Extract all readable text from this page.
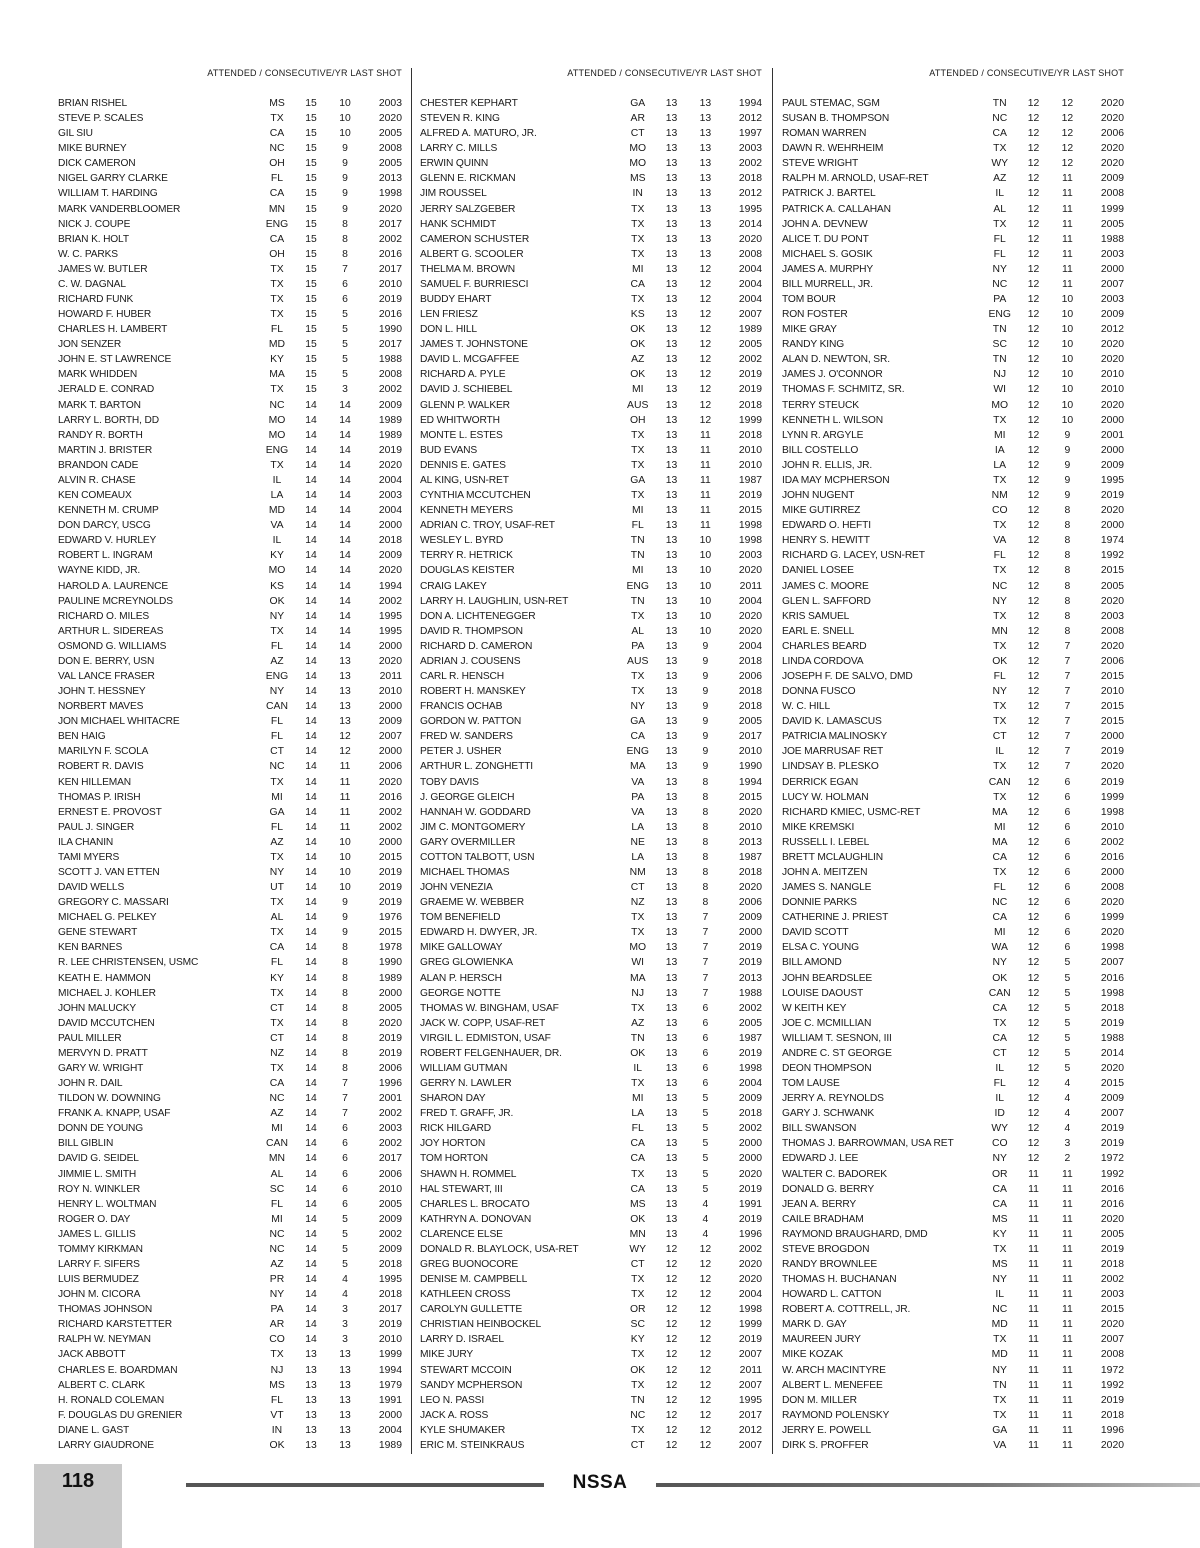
ATTENDED / CONSECUTIVE/YR LAST SHOT
BRIAN RISHEL	MS	15	10	2003
STEVE P. SCALES	TX	15	10	2020
GIL SIU	CA	15	10	2005
MIKE BURNEY	NC	15	9	2008
DICK CAMERON	OH	15	9	2005
NIGEL GARRY CLARKE	FL	15	9	2013
WILLIAM T. HARDING	CA	15	9	1998
MARK VANDERBLOOMER	MN	15	9	2020
NICK J. COUPE	ENG	15	8	2017
BRIAN K. HOLT	CA	15	8	2002
W. C. PARKS	OH	15	8	2016
JAMES W. BUTLER	TX	15	7	2017
C. W. DAGNAL	TX	15	6	2010
RICHARD FUNK	TX	15	6	2019
HOWARD F. HUBER	TX	15	5	2016
CHARLES H. LAMBERT	FL	15	5	1990
JON SENZER	MD	15	5	2017
JOHN E. ST LAWRENCE	KY	15	5	1988
MARK WHIDDEN	MA	15	5	2008
JERALD E. CONRAD	TX	15	3	2002
MARK T. BARTON	NC	14	14	2009
LARRY L. BORTH, DD	MO	14	14	1989
RANDY R. BORTH	MO	14	14	1989
MARTIN J. BRISTER	ENG	14	14	2019
BRANDON CADE	TX	14	14	2020
ALVIN R. CHASE	IL	14	14	2004
KEN COMEAUX	LA	14	14	2003
KENNETH M. CRUMP	MD	14	14	2004
DON DARCY, USCG	VA	14	14	2000
EDWARD V. HURLEY	IL	14	14	2018
ROBERT L. INGRAM	KY	14	14	2009
WAYNE KIDD, JR.	MO	14	14	2020
HAROLD A. LAURENCE	KS	14	14	1994
PAULINE MCREYNOLDS	OK	14	14	2002
RICHARD O. MILES	NY	14	14	1995
ARTHUR L. SIDEREAS	TX	14	14	1995
OSMOND G. WILLIAMS	FL	14	14	2000
DON E. BERRY, USN	AZ	14	13	2020
VAL LANCE FRASER	ENG	14	13	2011
JOHN T. HESSNEY	NY	14	13	2010
NORBERT MAVES	CAN	14	13	2000
JON MICHAEL WHITACRE	FL	14	13	2009
BEN HAIG	FL	14	12	2007
MARILYN F. SCOLA	CT	14	12	2000
ROBERT R. DAVIS	NC	14	11	2006
KEN HILLEMAN	TX	14	11	2020
THOMAS P. IRISH	MI	14	11	2016
ERNEST E. PROVOST	GA	14	11	2002
PAUL J. SINGER	FL	14	11	2002
ILA CHANIN	AZ	14	10	2000
TAMI MYERS	TX	14	10	2015
SCOTT J. VAN ETTEN	NY	14	10	2019
DAVID WELLS	UT	14	10	2019
GREGORY C. MASSARI	TX	14	9	2019
MICHAEL G. PELKEY	AL	14	9	1976
GENE STEWART	TX	14	9	2015
KEN BARNES	CA	14	8	1978
R. LEE CHRISTENSEN, USMC	FL	14	8	1990
KEATH E. HAMMON	KY	14	8	1989
MICHAEL J. KOHLER	TX	14	8	2000
JOHN MALUCKY	CT	14	8	2005
DAVID MCCUTCHEN	TX	14	8	2020
PAUL MILLER	CT	14	8	2019
MERVYN D. PRATT	NZ	14	8	2019
GARY W. WRIGHT	TX	14	8	2006
JOHN R. DAIL	CA	14	7	1996
TILDON W. DOWNING	NC	14	7	2001
FRANK A. KNAPP, USAF	AZ	14	7	2002
DONN DE YOUNG	MI	14	6	2003
BILL GIBLIN	CAN	14	6	2002
DAVID G. SEIDEL	MN	14	6	2017
JIMMIE L. SMITH	AL	14	6	2006
ROY N. WINKLER	SC	14	6	2010
HENRY L. WOLTMAN	FL	14	6	2005
ROGER O. DAY	MI	14	5	2009
JAMES L. GILLIS	NC	14	5	2002
TOMMY KIRKMAN	NC	14	5	2009
LARRY F. SIFERS	AZ	14	5	2018
LUIS BERMUDEZ	PR	14	4	1995
JOHN M. CICORA	NY	14	4	2018
THOMAS JOHNSON	PA	14	3	2017
RICHARD KARSTETTER	AR	14	3	2019
RALPH W. NEYMAN	CO	14	3	2010
JACK ABBOTT	TX	13	13	1999
CHARLES E. BOARDMAN	NJ	13	13	1994
ALBERT C. CLARK	MS	13	13	1979
H. RONALD COLEMAN	FL	13	13	1991
F. DOUGLAS DU GRENIER	VT	13	13	2000
DIANE L. GAST	IN	13	13	2004
LARRY GIAUDRONE	OK	13	13	1989
ATTENDED / CONSECUTIVE/YR LAST SHOT
CHESTER KEPHART	GA	13	13	1994
STEVEN R. KING	AR	13	13	2012
ALFRED A. MATURO, JR.	CT	13	13	1997
LARRY C. MILLS	MO	13	13	2003
ERWIN QUINN	MO	13	13	2002
GLENN E. RICKMAN	MS	13	13	2018
JIM ROUSSEL	IN	13	13	2012
JERRY SALZGEBER	TX	13	13	1995
HANK SCHMIDT	TX	13	13	2014
CAMERON SCHUSTER	TX	13	13	2020
ALBERT G. SCOOLER	TX	13	13	2008
THELMA M. BROWN	MI	13	12	2004
SAMUEL F. BURRIESCI	CA	13	12	2004
BUDDY EHART	TX	13	12	2004
LEN FRIESZ	KS	13	12	2007
DON L. HILL	OK	13	12	1989
JAMES T. JOHNSTONE	OK	13	12	2005
DAVID L. MCGAFFEE	AZ	13	12	2002
RICHARD A. PYLE	OK	13	12	2019
DAVID J. SCHIEBEL	MI	13	12	2019
GLENN P. WALKER	AUS	13	12	2018
ED WHITWORTH	OH	13	12	1999
MONTE L. ESTES	TX	13	11	2018
BUD EVANS	TX	13	11	2010
DENNIS E. GATES	TX	13	11	2010
AL KING, USN-RET	GA	13	11	1987
CYNTHIA MCCUTCHEN	TX	13	11	2019
KENNETH MEYERS	MI	13	11	2015
ADRIAN C. TROY, USAF-RET	FL	13	11	1998
WESLEY L. BYRD	TN	13	10	1998
TERRY R. HETRICK	TN	13	10	2003
DOUGLAS KEISTER	MI	13	10	2020
CRAIG LAKEY	ENG	13	10	2011
LARRY H. LAUGHLIN, USN-RET	TN	13	10	2004
DON A. LICHTENEGGER	TX	13	10	2020
DAVID R. THOMPSON	AL	13	10	2020
RICHARD D. CAMERON	PA	13	9	2004
ADRIAN J. COUSENS	AUS	13	9	2018
CARL R. HENSCH	TX	13	9	2006
ROBERT H. MANSKEY	TX	13	9	2018
FRANCIS OCHAB	NY	13	9	2018
GORDON W. PATTON	GA	13	9	2005
FRED W. SANDERS	CA	13	9	2017
PETER J. USHER	ENG	13	9	2010
ARTHUR L. ZONGHETTI	MA	13	9	1990
TOBY DAVIS	VA	13	8	1994
J. GEORGE GLEICH	PA	13	8	2015
HANNAH W. GODDARD	VA	13	8	2020
JIM C. MONTGOMERY	LA	13	8	2010
GARY OVERMILLER	NE	13	8	2013
COTTON TALBOTT, USN	LA	13	8	1987
MICHAEL THOMAS	NM	13	8	2018
JOHN VENEZIA	CT	13	8	2020
GRAEME W. WEBBER	NZ	13	8	2006
TOM BENEFIELD	TX	13	7	2009
EDWARD H. DWYER, JR.	TX	13	7	2000
MIKE GALLOWAY	MO	13	7	2019
GREG GLOWIENKA	WI	13	7	2019
ALAN P. HERSCH	MA	13	7	2013
GEORGE NOTTE	NJ	13	7	1988
THOMAS W. BINGHAM, USAF	TX	13	6	2002
JACK W. COPP, USAF-RET	AZ	13	6	2005
VIRGIL L. EDMISTON, USAF	TN	13	6	1987
ROBERT FELGENHAUER, DR.	OK	13	6	2019
WILLIAM GUTMAN	IL	13	6	1998
GERRY N. LAWLER	TX	13	6	2004
SHARON DAY	MI	13	5	2009
FRED T. GRAFF, JR.	LA	13	5	2018
RICK HILGARD	FL	13	5	2002
JOY HORTON	CA	13	5	2000
TOM HORTON	CA	13	5	2000
SHAWN H. ROMMEL	TX	13	5	2020
HAL STEWART, III	CA	13	5	2019
CHARLES L. BROCATO	MS	13	4	1991
KATHRYN A. DONOVAN	OK	13	4	2019
CLARENCE ELSE	MN	13	4	1996
DONALD R. BLAYLOCK, USA-RET	WY	12	12	2002
GREG BUONOCORE	CT	12	12	2020
DENISE M. CAMPBELL	TX	12	12	2020
KATHLEEN CROSS	TX	12	12	2004
CAROLYN GULLETTE	OR	12	12	1998
CHRISTIAN HEINBOCKEL	SC	12	12	1999
LARRY D. ISRAEL	KY	12	12	2019
MIKE JURY	TX	12	12	2007
STEWART MCCOIN	OK	12	12	2011
SANDY MCPHERSON	TX	12	12	2007
LEO N. PASSI	TN	12	12	1995
JACK A. ROSS	NC	12	12	2017
KYLE SHUMAKER	TX	12	12	2012
ERIC M. STEINKRAUS	CT	12	12	2007
ATTENDED / CONSECUTIVE/YR LAST SHOT
PAUL STEMAC, SGM	TN	12	12	2020
SUSAN B. THOMPSON	NC	12	12	2020
ROMAN WARREN	CA	12	12	2006
DAWN R. WEHRHEIM	TX	12	12	2020
STEVE WRIGHT	WY	12	12	2020
RALPH M. ARNOLD, USAF-RET	AZ	12	11	2009
PATRICK J. BARTEL	IL	12	11	2008
PATRICK A. CALLAHAN	AL	12	11	1999
JOHN A. DEVNEW	TX	12	11	2005
ALICE T. DU PONT	FL	12	11	1988
MICHAEL S. GOSIK	FL	12	11	2003
JAMES A. MURPHY	NY	12	11	2000
BILL MURRELL, JR.	NC	12	11	2007
TOM BOUR	PA	12	10	2003
RON FOSTER	ENG	12	10	2009
MIKE GRAY	TN	12	10	2012
RANDY KING	SC	12	10	2020
ALAN D. NEWTON, SR.	TN	12	10	2020
JAMES J. O'CONNOR	NJ	12	10	2010
THOMAS F. SCHMITZ, SR.	WI	12	10	2010
TERRY STEUCK	MO	12	10	2020
KENNETH L. WILSON	TX	12	10	2000
LYNN R. ARGYLE	MI	12	9	2001
BILL COSTELLO	IA	12	9	2000
JOHN R. ELLIS, JR.	LA	12	9	2009
IDA MAY MCPHERSON	TX	12	9	1995
JOHN NUGENT	NM	12	9	2019
MIKE GUTIRREZ	CO	12	8	2020
EDWARD O. HEFTI	TX	12	8	2000
HENRY S. HEWITT	VA	12	8	1974
RICHARD G. LACEY, USN-RET	FL	12	8	1992
DANIEL LOSEE	TX	12	8	2015
JAMES C. MOORE	NC	12	8	2005
GLEN L. SAFFORD	NY	12	8	2020
KRIS SAMUEL	TX	12	8	2003
EARL E. SNELL	MN	12	8	2008
CHARLES BEARD	TX	12	7	2020
LINDA CORDOVA	OK	12	7	2006
JOSEPH F. DE SALVO, DMD	FL	12	7	2015
DONNA FUSCO	NY	12	7	2010
W. C. HILL	TX	12	7	2015
DAVID K. LAMASCUS	TX	12	7	2015
PATRICIA MALINOSKY	CT	12	7	2000
JOE MARRUSAF RET	IL	12	7	2019
LINDSAY B. PLESKO	TX	12	7	2020
DERRICK EGAN	CAN	12	6	2019
LUCY W. HOLMAN	TX	12	6	1999
RICHARD KMIEC, USMC-RET	MA	12	6	1998
MIKE KREMSKI	MI	12	6	2010
RUSSELL I. LEBEL	MA	12	6	2002
BRETT MCLAUGHLIN	CA	12	6	2016
JOHN A. MEITZEN	TX	12	6	2000
JAMES S. NANGLE	FL	12	6	2008
DONNIE PARKS	NC	12	6	2020
CATHERINE J. PRIEST	CA	12	6	1999
DAVID SCOTT	MI	12	6	2020
ELSA C. YOUNG	WA	12	6	1998
BILL AMOND	NY	12	5	2007
JOHN BEARDSLEE	OK	12	5	2016
LOUISE DAOUST	CAN	12	5	1998
W KEITH KEY	CA	12	5	2018
JOE C. MCMILLIAN	TX	12	5	2019
WILLIAM T. SESNON, III	CA	12	5	1988
ANDRE C. ST GEORGE	CT	12	5	2014
DEON THOMPSON	IL	12	5	2020
TOM LAUSE	FL	12	4	2015
JERRY A. REYNOLDS	IL	12	4	2009
GARY J. SCHWANK	ID	12	4	2007
BILL SWANSON	WY	12	4	2019
THOMAS J. BARROWMAN, USA RET	CO	12	3	2019
EDWARD J. LEE	NY	12	2	1972
WALTER C. BADOREK	OR	11	11	1992
DONALD G. BERRY	CA	11	11	2016
JEAN A. BERRY	CA	11	11	2016
CAILE BRADHAM	MS	11	11	2020
RAYMOND BRAUGHARD, DMD	KY	11	11	2005
STEVE BROGDON	TX	11	11	2019
RANDY BROWNLEE	MS	11	11	2018
THOMAS H. BUCHANAN	NY	11	11	2002
HOWARD L. CATTON	IL	11	11	2003
ROBERT A. COTTRELL, JR.	NC	11	11	2015
MARK D. GAY	MD	11	11	2020
MAUREEN JURY	TX	11	11	2007
MIKE KOZAK	MD	11	11	2008
W. ARCH MACINTYRE	NY	11	11	1972
ALBERT L. MENEFEE	TN	11	11	1992
DON M. MILLER	TX	11	11	2019
RAYMOND POLENSKY	TX	11	11	2018
JERRY E. POWELL	GA	11	11	1996
DIRK S. PROFFER	VA	11	11	2020
118	NSSA
